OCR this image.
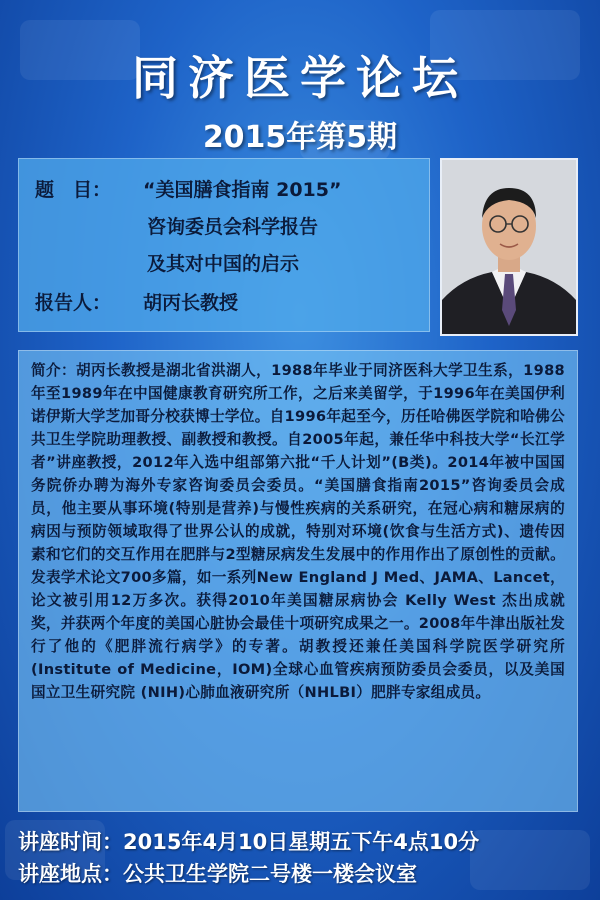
同济医学论坛
2015年第5期
题　目： “美国膳食指南 2015”
咨询委员会科学报告
及其对中国的启示
报告人： 胡丙长教授

简介：胡丙长教授是湖北省洪湖人，1988年毕业于同济医科大学卫生系，1988年至1989年在中国健康教育研究所工作，之后来美留学，于1996年在美国伊利诺伊斯大学芝加哥分校获博士学位。自1996年起至今，历任哈佛医学院和哈佛公共卫生学院助理教授、副教授和教授。自2005年起，兼任华中科技大学“长江学者”讲座教授，2012年入选中组部第六批“千人计划”(B类)。2014年被中国国务院侨办聘为海外专家咨询委员会委员。“美国膳食指南2015”咨询委员会成员，他主要从事环境(特别是营养)与慢性疾病的关系研究，在冠心病和糖尿病的病因与预防领域取得了世界公认的成就，特别对环境(饮食与生活方式)、遗传因素和它们的交互作用在肥胖与2型糖尿病发生发展中的作用作出了原创性的贡献。发表学术论文700多篇，如一系列New England J Med、JAMA、Lancet，论文被引用12万多次。获得2010年美国糖尿病协会 Kelly West 杰出成就奖，并获两个年度的美国心脏协会最佳十项研究成果之一。2008年牛津出版社发行了他的《肥胖流行病学》的专著。胡教授还兼任美国科学院医学研究所(Institute of Medicine，IOM)全球心血管疾病预防委员会委员，以及美国国立卫生研究院 (NIH)心肺血液研究所（NHLBI）肥胖专家组成员。

讲座时间：2015年4月10日星期五下午4点10分
讲座地点：公共卫生学院二号楼一楼会议室
